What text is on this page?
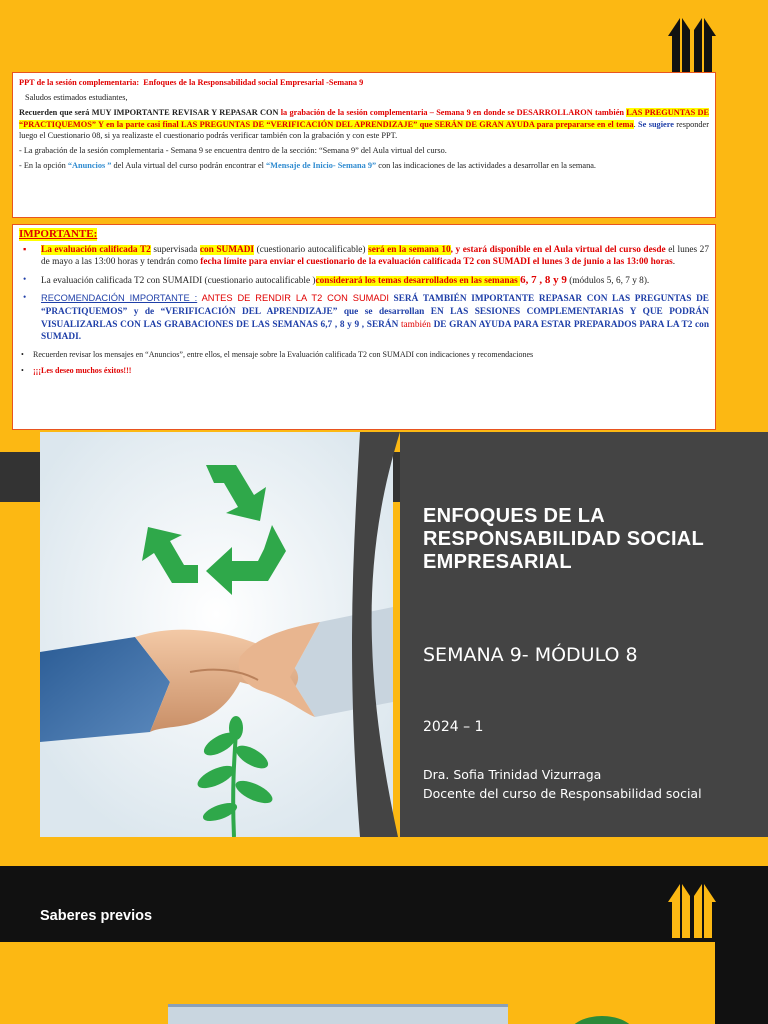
PPT de la sesión complementaria: Enfoques de la Responsabilidad social Empresarial -Semana 9
Saludos estimados estudiantes,
Recuerden que será MUY IMPORTANTE REVISAR Y REPASAR CON la grabación de la sesión complementaria – Semana 9 en donde se DESARROLLARON también LAS PREGUNTAS DE “PRACTIQUEMOS” Y en la parte casi final LAS PREGUNTAS DE “VERIFICACIÓN DEL APRENDIZAJE” que SERÁN DE GRAN AYUDA para prepararse en el tema. Se sugiere responder luego el Cuestionario 08, si ya realizaste el cuestionario podrás verificar también con la grabación y con este PPT.
- La grabación de la sesión complementaria - Semana 9 se encuentra dentro de la sección: “Semana 9” del Aula virtual del curso.
- En la opción “Anuncios ” del Aula virtual del curso podrán encontrar el “Mensaje de Inicio- Semana 9” con las indicaciones de las actividades a desarrollar en la semana.
IMPORTANTE:
▪ La evaluación calificada T2 supervisada con SUMADI (cuestionario autocalificable) será en la semana 10, y estará disponible en el Aula virtual del curso desde el lunes 27 de mayo a las 13:00 horas y tendrán como fecha límite para enviar el cuestionario de la evaluación calificada T2 con SUMADI el lunes 3 de junio a las 13:00 horas.
• La evaluación calificada T2 con SUMAIDI (cuestionario autocalificable )considerará los temas desarrollados en las semanas 6, 7 , 8 y 9 (módulos 5, 6, 7 y 8).
• RECOMENDACIÓN IMPORTANTE : ANTES DE RENDIR LA T2 CON SUMADI SERÁ TAMBIÉN IMPORTANTE REPASAR CON LAS PREGUNTAS DE “PRACTIQUEMOS” y de “VERIFICACIÓN DEL APRENDIZAJE” que se desarrollan EN LAS SESIONES COMPLEMENTARIAS Y QUE PODRÁN VISUALIZARLAS CON LAS GRABACIONES DE LAS SEMANAS 6,7 , 8 y 9 , SERÁN también DE GRAN AYUDA PARA ESTAR PREPARADOS PARA LA T2 con SUMADI.
• Recuerden revisar los mensajes en “Anuncios”, entre ellos, el mensaje sobre la Evaluación calificada T2 con SUMADI con indicaciones y recomendaciones
• ¡¡¡Les deseo muchos éxitos!!!
ENFOQUES DE LA RESPONSABILIDAD SOCIAL EMPRESARIAL
SEMANA 9- MÓDULO 8
2024 – 1
Dra. Sofia Trinidad Vizurraga
Docente del curso de Responsabilidad social
Saberes previos
